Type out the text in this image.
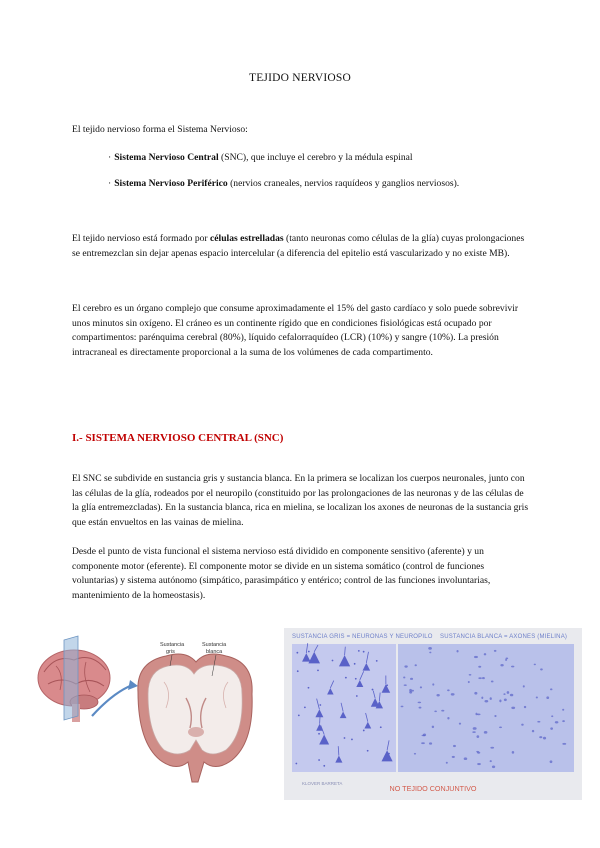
TEJIDO NERVIOSO

El tejido nervioso forma el Sistema Nervioso:

· Sistema Nervioso Central (SNC), que incluye el cerebro y la médula espinal

· Sistema Nervioso Periférico (nervios craneales, nervios raquídeos y ganglios nerviosos).

El tejido nervioso está formado por células estrelladas (tanto neuronas como células de la glía) cuyas prolongaciones se entremezclan sin dejar apenas espacio intercelular (a diferencia del epitelio está vascularizado y no existe MB).

El cerebro es un órgano complejo que consume aproximadamente el 15% del gasto cardíaco y solo puede sobrevivir unos minutos sin oxígeno. El cráneo es un continente rígido que en condiciones fisiológicas está ocupado por compartimentos: parénquima cerebral (80%), líquido cefalorraquídeo (LCR) (10%) y sangre (10%). La presión intracraneal es directamente proporcional a la suma de los volúmenes de cada compartimento.

I.- SISTEMA NERVIOSO CENTRAL (SNC)

El SNC se subdivide en sustancia gris y sustancia blanca. En la primera se localizan los cuerpos neuronales, junto con las células de la glía, rodeados por el neuropilo (constituido por las prolongaciones de las neuronas y de las células de la glía entremezcladas). En la sustancia blanca, rica en mielina, se localizan los axones de neuronas de la sustancia gris que están envueltos en las vainas de mielina.

Desde el punto de vista funcional el sistema nervioso está dividido en componente sensitivo (aferente) y un componente motor (eferente). El componente motor se divide en un sistema somático (control de funciones voluntarias) y sistema autónomo (simpático, parasimpático y entérico; control de las funciones involuntarias, mantenimiento de la homeostasis).

Sustancia
gris
Sustancia
blanca
SUSTANCIA GRIS = NEURONAS Y NEUROPILO SUSTANCIA BLANCA = AXONES (MIELINA)
KLOVER BARRETA
NO TEJIDO CONJUNTIVO
